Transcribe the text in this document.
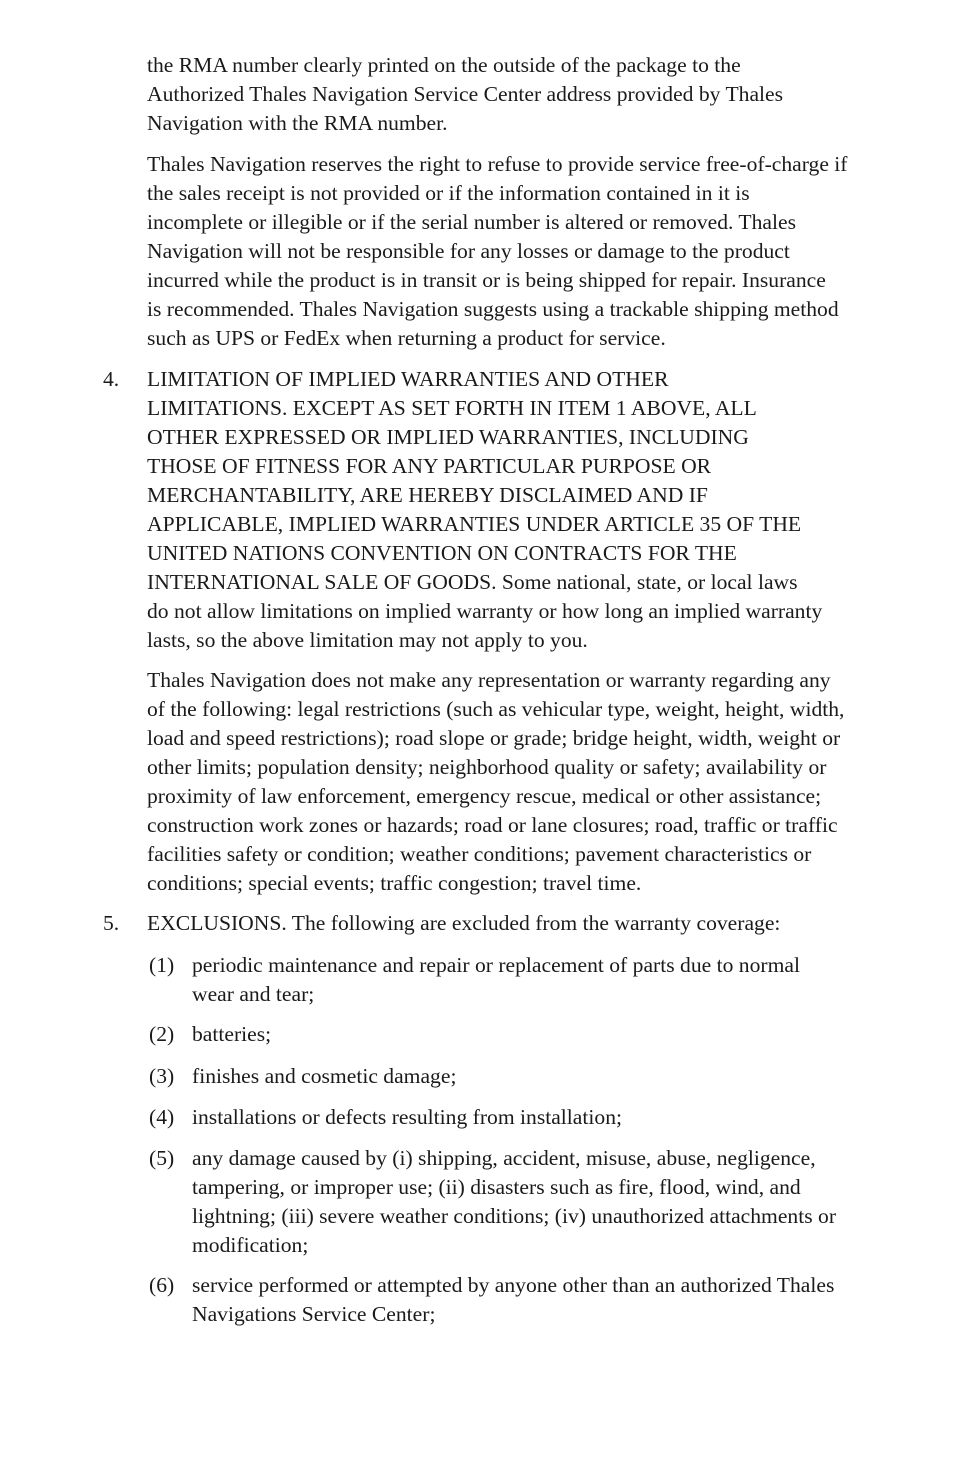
the RMA number clearly printed on the outside of the package to the
Authorized Thales Navigation Service Center address provided by Thales
Navigation with the RMA number.

Thales Navigation reserves the right to refuse to provide service free-of-charge if
the sales receipt is not provided or if the information contained in it is
incomplete or illegible or if the serial number is altered or removed. Thales
Navigation will not be responsible for any losses or damage to the product
incurred while the product is in transit or is being shipped for repair. Insurance
is recommended. Thales Navigation suggests using a trackable shipping method
such as UPS or FedEx when returning a product for service.

4. LIMITATION OF IMPLIED WARRANTIES AND OTHER
LIMITATIONS. EXCEPT AS SET FORTH IN ITEM 1 ABOVE, ALL
OTHER EXPRESSED OR IMPLIED WARRANTIES, INCLUDING
THOSE OF FITNESS FOR ANY PARTICULAR PURPOSE OR
MERCHANTABILITY, ARE HEREBY DISCLAIMED AND IF
APPLICABLE, IMPLIED WARRANTIES UNDER ARTICLE 35 OF THE
UNITED NATIONS CONVENTION ON CONTRACTS FOR THE
INTERNATIONAL SALE OF GOODS. Some national, state, or local laws
do not allow limitations on implied warranty or how long an implied warranty
lasts, so the above limitation may not apply to you.

Thales Navigation does not make any representation or warranty regarding any
of the following: legal restrictions (such as vehicular type, weight, height, width,
load and speed restrictions); road slope or grade; bridge height, width, weight or
other limits; population density; neighborhood quality or safety; availability or
proximity of law enforcement, emergency rescue, medical or other assistance;
construction work zones or hazards; road or lane closures; road, traffic or traffic
facilities safety or condition; weather conditions; pavement characteristics or
conditions; special events; traffic congestion; travel time.

5. EXCLUSIONS. The following are excluded from the warranty coverage:

(1) periodic maintenance and repair or replacement of parts due to normal
wear and tear;

(2) batteries;

(3) finishes and cosmetic damage;

(4) installations or defects resulting from installation;

(5) any damage caused by (i) shipping, accident, misuse, abuse, negligence,
tampering, or improper use; (ii) disasters such as fire, flood, wind, and
lightning; (iii) severe weather conditions; (iv) unauthorized attachments or
modification;

(6) service performed or attempted by anyone other than an authorized Thales
Navigations Service Center;
